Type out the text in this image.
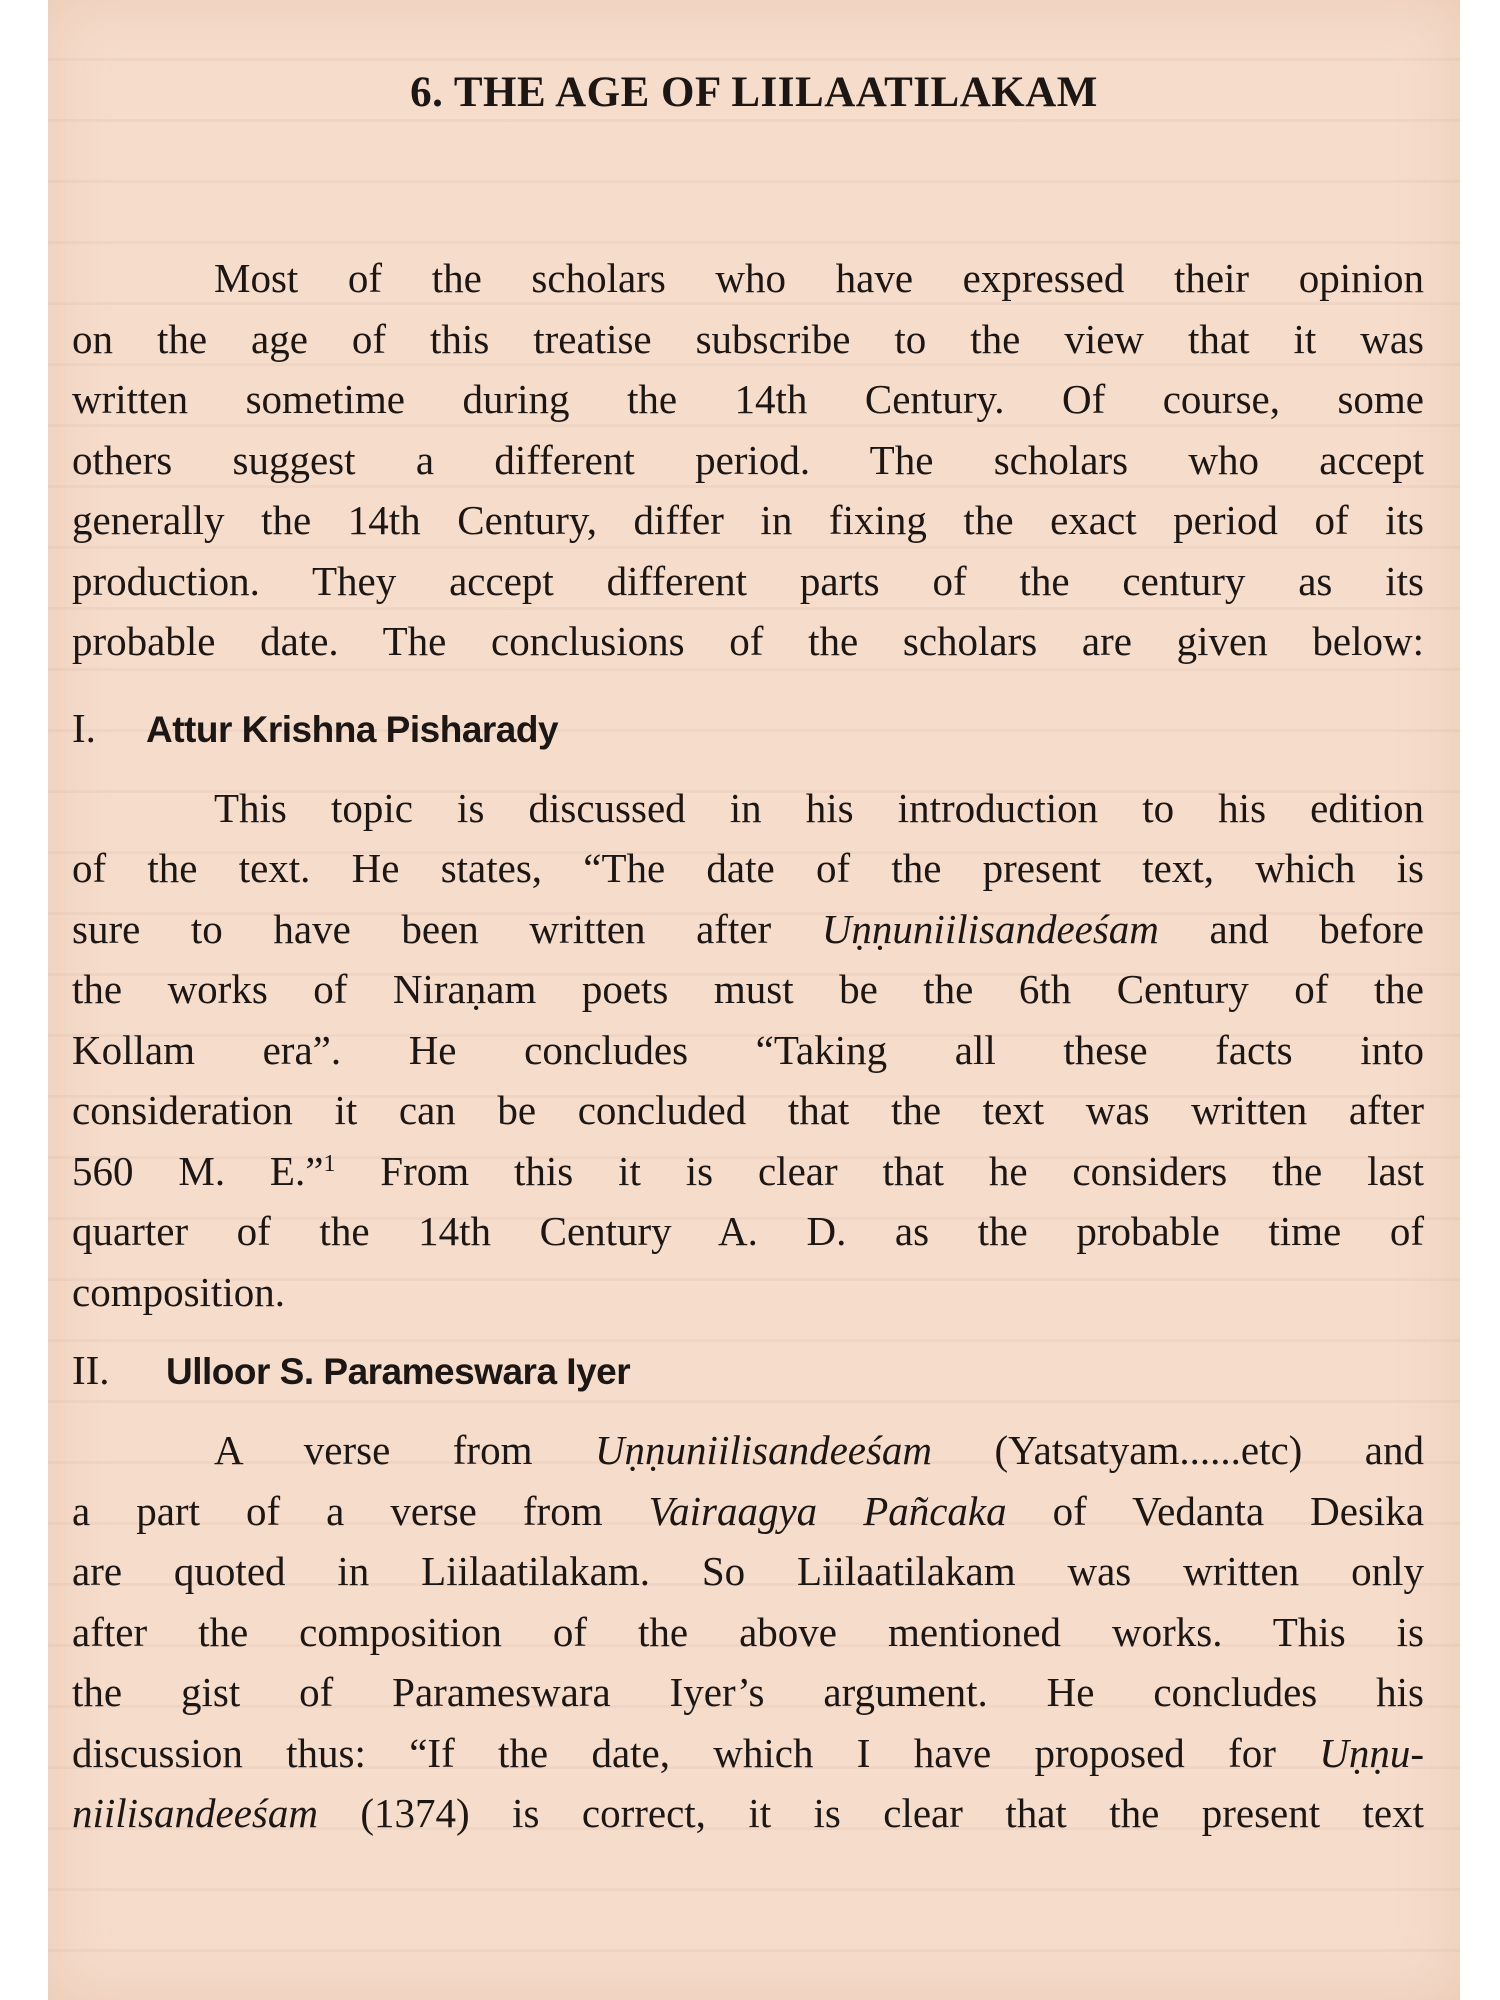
6. THE AGE OF LIILAATILAKAM
Most of the scholars who have expressed their opinion
on the age of this treatise subscribe to the view that it was
written sometime during the 14th Century. Of course, some
others suggest a different period. The scholars who accept
generally the 14th Century, differ in fixing the exact period of its
production. They accept different parts of the century as its
probable date. The conclusions of the scholars are given below:
I. Attur Krishna Pisharady
This topic is discussed in his introduction to his edition
of the text. He states, “The date of the present text, which is
sure to have been written after Uṇṇuniilisandeeśam and before
the works of Niraṇam poets must be the 6th Century of the
Kollam era”. He concludes “Taking all these facts into
consideration it can be concluded that the text was written after
560 M. E.”$^1$ From this it is clear that he considers the last
quarter of the 14th Century A. D. as the probable time of
composition.
II. Ulloor S. Parameswara Iyer
A verse from Uṇṇuniilisandeeśam (Yatsatyam......etc) and
a part of a verse from Vairaagya Pañcaka of Vedanta Desika
are quoted in Liilaatilakam. So Liilaatilakam was written only
after the composition of the above mentioned works. This is
the gist of Parameswara Iyer’s argument. He concludes his
discussion thus: “If the date, which I have proposed for Uṇṇu-
niilisandeeśam (1374) is correct, it is clear that the present text
